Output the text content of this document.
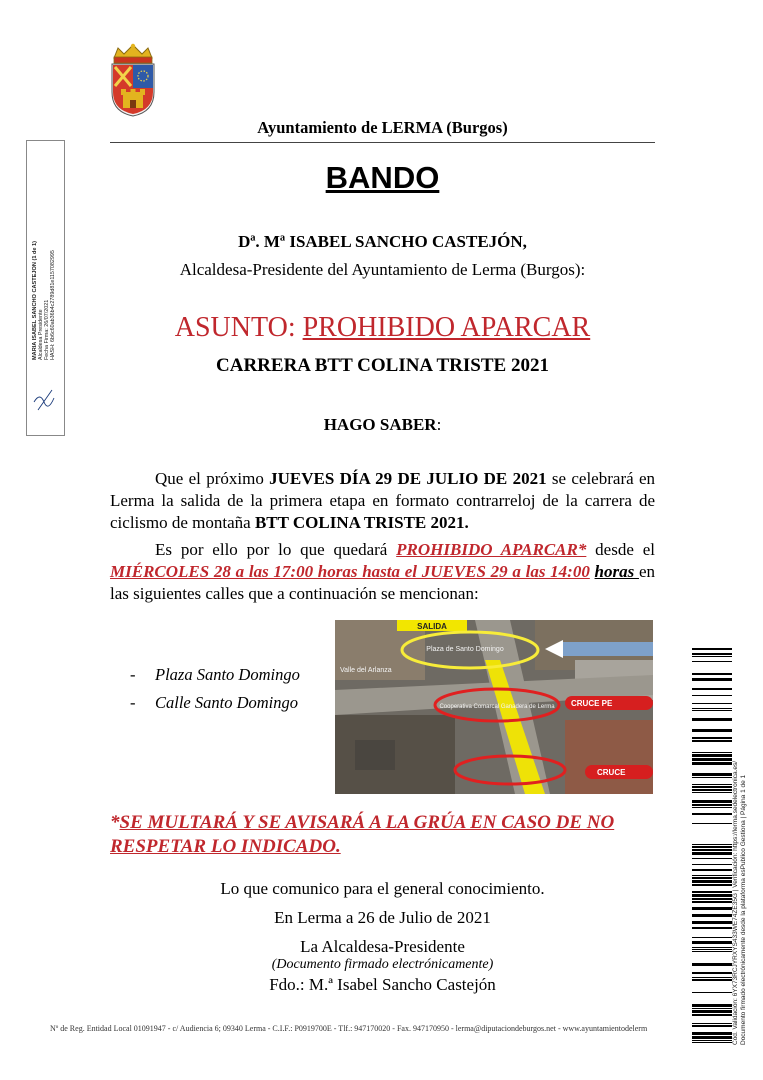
Ayuntamiento de LERMA (Burgos)
BANDO
Dª. Mª ISABEL SANCHO CASTEJÓN,
Alcaldesa-Presidente del Ayuntamiento de Lerma (Burgos):
ASUNTO: PROHIBIDO APARCAR
CARRERA BTT COLINA TRISTE 2021
HAGO SABER:
Que el próximo JUEVES DÍA 29 DE JULIO DE 2021 se celebrará en Lerma la salida de la primera etapa en formato contrarreloj de la carrera de ciclismo de montaña BTT COLINA TRISTE 2021.
Es por ello por lo que quedará PROHIBIDO APARCAR* desde el MIÉRCOLES 28 a las 17:00 horas hasta el JUEVES 29 a las 14:00 horas en las siguientes calles que a continuación se mencionan:
- Plaza Santo Domingo
- Calle Santo Domingo
SALIDA
Plaza de Santo Domingo
Valle del Arlanza
Cooperativa Comarcal Ganadera de Lerma CRUCE PE
CRUCE
*SE MULTARÁ Y SE AVISARÁ A LA GRÚA EN CASO DE NO
RESPETAR LO INDICADO.
Lo que comunico para el general conocimiento.
En Lerma a 26 de Julio de 2021
La Alcaldesa-Presidente
(Documento firmado electrónicamente)
Fdo.: M.ª Isabel Sancho Castejón
MARIA ISABEL SANCHO CASTEJON (1 de 1) Alcaldesa Presidente Fecha Firma: 26/07/2021 HASH: 6b6c60ab36b4c2789d81e1157082995
Cód. Validación: 6YX73RCJYRXYS433WE74ZE35G | Verificación: https://lerma.sedelectronica.es/ Documento firmado electrónicamente desde la plataforma esPublico Gestiona | Página 1 de 1
Nº de Reg. Entidad Local 01091947 - c/ Audiencia 6; 09340 Lerma - C.I.F.: P0919700E - Tlf.: 947170020 - Fax. 947170950 - lerma@diputaciondeburgos.net - www.ayuntamientodelerm
